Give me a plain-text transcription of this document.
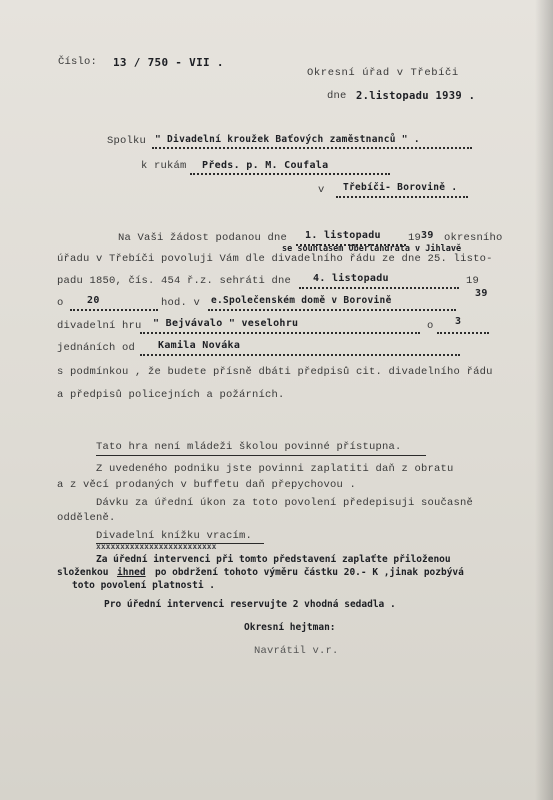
Číslo: 13 / 750 - VII .
Okresní úřad v Třebíči
dne 2.listopadu 1939 .
Spolku " Divadelní kroužek Baťových zaměstnanců " .
k rukám Předs. p. M. Coufala
v Třebíči- Borovině .
Na Vaši žádost podanou dne 1. listopadu	19 39 okresního
se souhlasem Oberlandrata v Jihlavě
úřadu v Třebíči povoluji Vám dle divadelního řádu ze dne 25. listo-
padu 1850, čís. 454 ř.z. sehráti dne 4. listopadu	19
39
o 20	hod. v e.Společenském domě v Borovině
divadelní hru " Bejvávalo " veselohru	o 3
jednáních od Kamila Nováka
s podmínkou , že budete přísně dbáti předpisů cit. divadelního řádu
a předpisů policejních a požárních.
Tato hra není mládeži školou povinné přístupna.
Z uvedeného podniku jste povinni zaplatiti daň z obratu
a z věcí prodaných v buffetu daň přepychovou .
Dávku za úřední úkon za toto povolení předepisuji současně
odděleně.
Divadelní knížku vracím.
xxxxxxxxxxxxxxxxxxxxxxxxx
Za úřední intervenci při tomto představení zaplaťte přiloženou
složenkou ihned po obdržení tohoto výměru částku 20.- K ,jinak pozbývá
toto povolení platnosti .
Pro úřední intervenci reservujte 2 vhodná sedadla .
Okresní hejtman:
Navrátil v.r.
